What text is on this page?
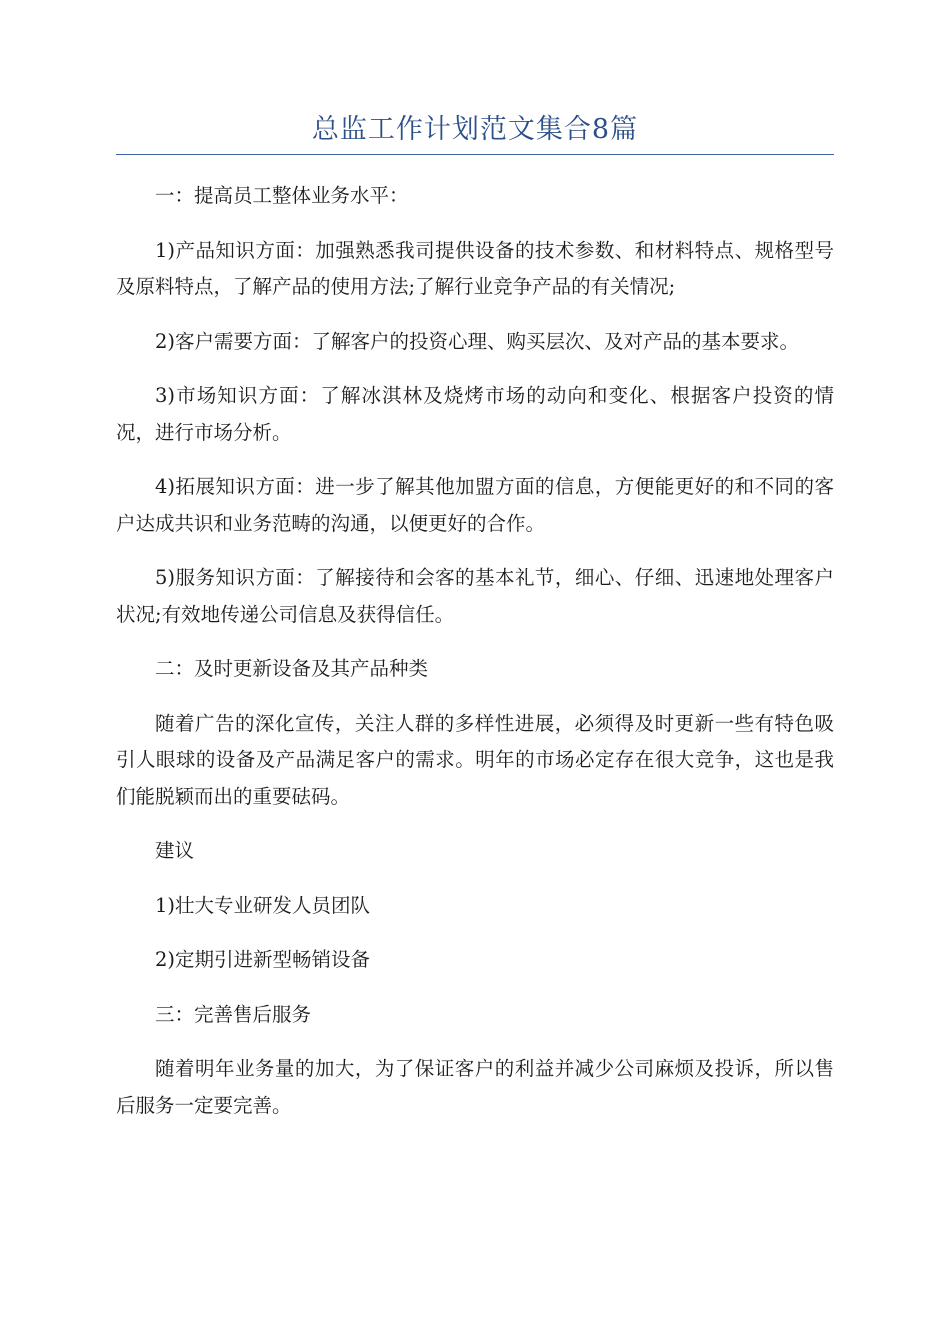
总监工作计划范文集合8篇

一：提高员工整体业务水平：

1)产品知识方面：加强熟悉我司提供设备的技术参数、和材料特点、规格型号及原料特点，了解产品的使用方法;了解行业竞争产品的有关情况;

2)客户需要方面：了解客户的投资心理、购买层次、及对产品的基本要求。

3)市场知识方面：了解冰淇林及烧烤市场的动向和变化、根据客户投资的情况，进行市场分析。

4)拓展知识方面：进一步了解其他加盟方面的信息，方便能更好的和不同的客户达成共识和业务范畴的沟通，以便更好的合作。

5)服务知识方面：了解接待和会客的基本礼节，细心、仔细、迅速地处理客户状况;有效地传递公司信息及获得信任。

二：及时更新设备及其产品种类

随着广告的深化宣传，关注人群的多样性进展，必须得及时更新一些有特色吸引人眼球的设备及产品满足客户的需求。明年的市场必定存在很大竞争，这也是我们能脱颖而出的重要砝码。

建议

1)壮大专业研发人员团队

2)定期引进新型畅销设备

三：完善售后服务

随着明年业务量的加大，为了保证客户的利益并减少公司麻烦及投诉，所以售后服务一定要完善。
